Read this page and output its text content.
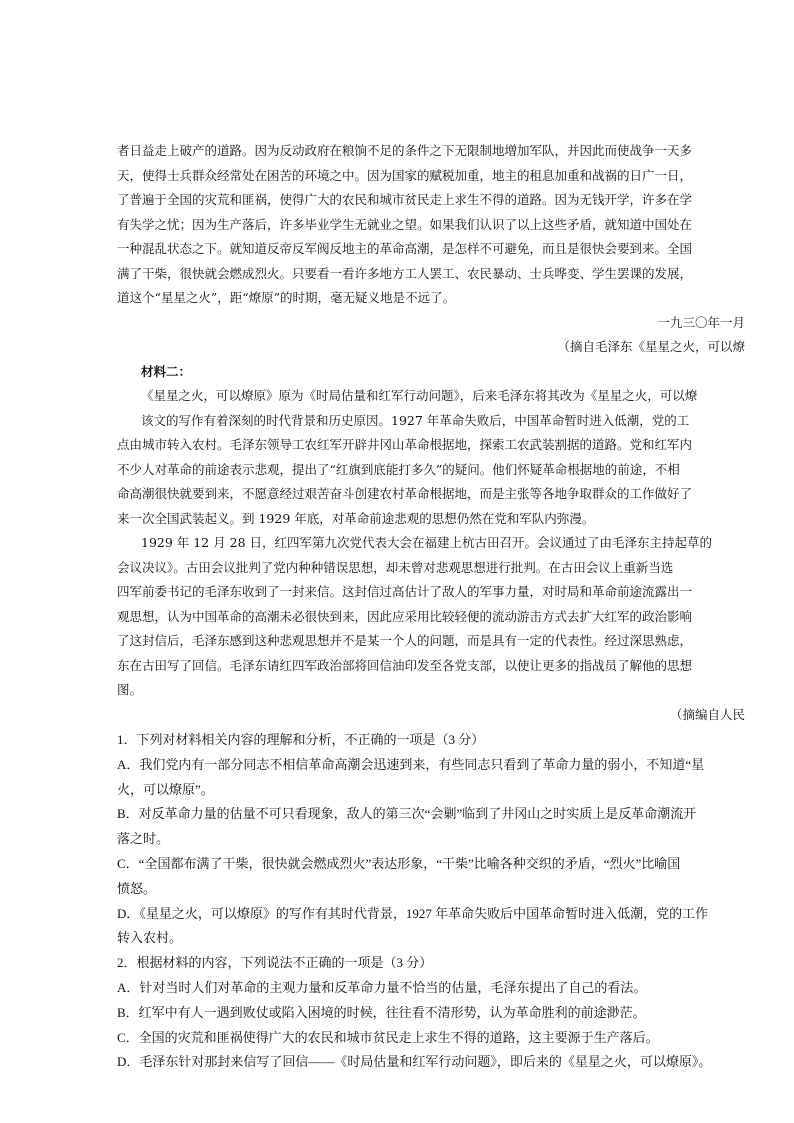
者日益走上破产的道路。因为反动政府在粮饷不足的条件之下无限制地增加军队，并因此而使战争一天多
天，使得士兵群众经常处在困苦的环境之中。因为国家的赋税加重，地主的租息加重和战祸的日广一日，
了普遍于全国的灾荒和匪祸，使得广大的农民和城市贫民走上求生不得的道路。因为无钱开学，许多在学
有失学之忧；因为生产落后，许多毕业学生无就业之望。如果我们认识了以上这些矛盾，就知道中国处在
一种混乱状态之下。就知道反帝反军阀反地主的革命高潮，是怎样不可避免，而且是很快会要到来。全国
满了干柴，很快就会燃成烈火。只要看一看许多地方工人罢工、农民暴动、士兵哗变、学生罢课的发展，
道这个“星星之火”，距“燎原”的时期，毫无疑义地是不远了。
一九三〇年一月
（摘自毛泽东《星星之火，可以燎
材料二：
《星星之火，可以燎原》原为《时局估量和红军行动问题》，后来毛泽东将其改为《星星之火，可以燎
该文的写作有着深刻的时代背景和历史原因。1927 年革命失败后，中国革命暂时进入低潮，党的工
点由城市转入农村。毛泽东领导工农红军开辟井冈山革命根据地，探索工农武装割据的道路。党和红军内
不少人对革命的前途表示悲观，提出了“红旗到底能打多久”的疑问。他们怀疑革命根据地的前途，不相
命高潮很快就要到来，不愿意经过艰苦奋斗创建农村革命根据地，而是主张等各地争取群众的工作做好了
来一次全国武装起义。到 1929 年底，对革命前途悲观的思想仍然在党和军队内弥漫。
1929 年 12 月 28 日，红四军第九次党代表大会在福建上杭古田召开。会议通过了由毛泽东主持起草的
会议决议》。古田会议批判了党内种种错误思想，却未曾对悲观思想进行批判。在古田会议上重新当选
四军前委书记的毛泽东收到了一封来信。这封信过高估计了敌人的军事力量，对时局和革命前途流露出一
观思想，认为中国革命的高潮未必很快到来，因此应采用比较轻便的流动游击方式去扩大红军的政治影响
了这封信后，毛泽东感到这种悲观思想并不是某一个人的问题，而是具有一定的代表性。经过深思熟虑，
东在古田写了回信。毛泽东请红四军政治部将回信油印发至各党支部，以使让更多的指战员了解他的思想
图。
（摘编自人民
1．下列对材料相关内容的理解和分析，不正确的一项是（3 分）
A．我们党内有一部分同志不相信革命高潮会迅速到来，有些同志只看到了革命力量的弱小，不知道“星
火，可以燎原”。
B．对反革命力量的估量不可只看现象，敌人的第三次“会剿”临到了井冈山之时实质上是反革命潮流开
落之时。
C．“全国都布满了干柴，很快就会燃成烈火”表达形象，“干柴”比喻各种交织的矛盾，“烈火”比喻国
愤怒。
D．《星星之火，可以燎原》的写作有其时代背景，1927 年革命失败后中国革命暂时进入低潮，党的工作
转入农村。
2．根据材料的内容，下列说法不正确的一项是（3 分）
A．针对当时人们对革命的主观力量和反革命力量不恰当的估量，毛泽东提出了自己的看法。
B．红军中有人一遇到败仗或陷入困境的时候，往往看不清形势，认为革命胜利的前途渺茫。
C．全国的灾荒和匪祸使得广大的农民和城市贫民走上求生不得的道路，这主要源于生产落后。
D．毛泽东针对那封来信写了回信——《时局估量和红军行动问题》，即后来的《星星之火，可以燎原》。
